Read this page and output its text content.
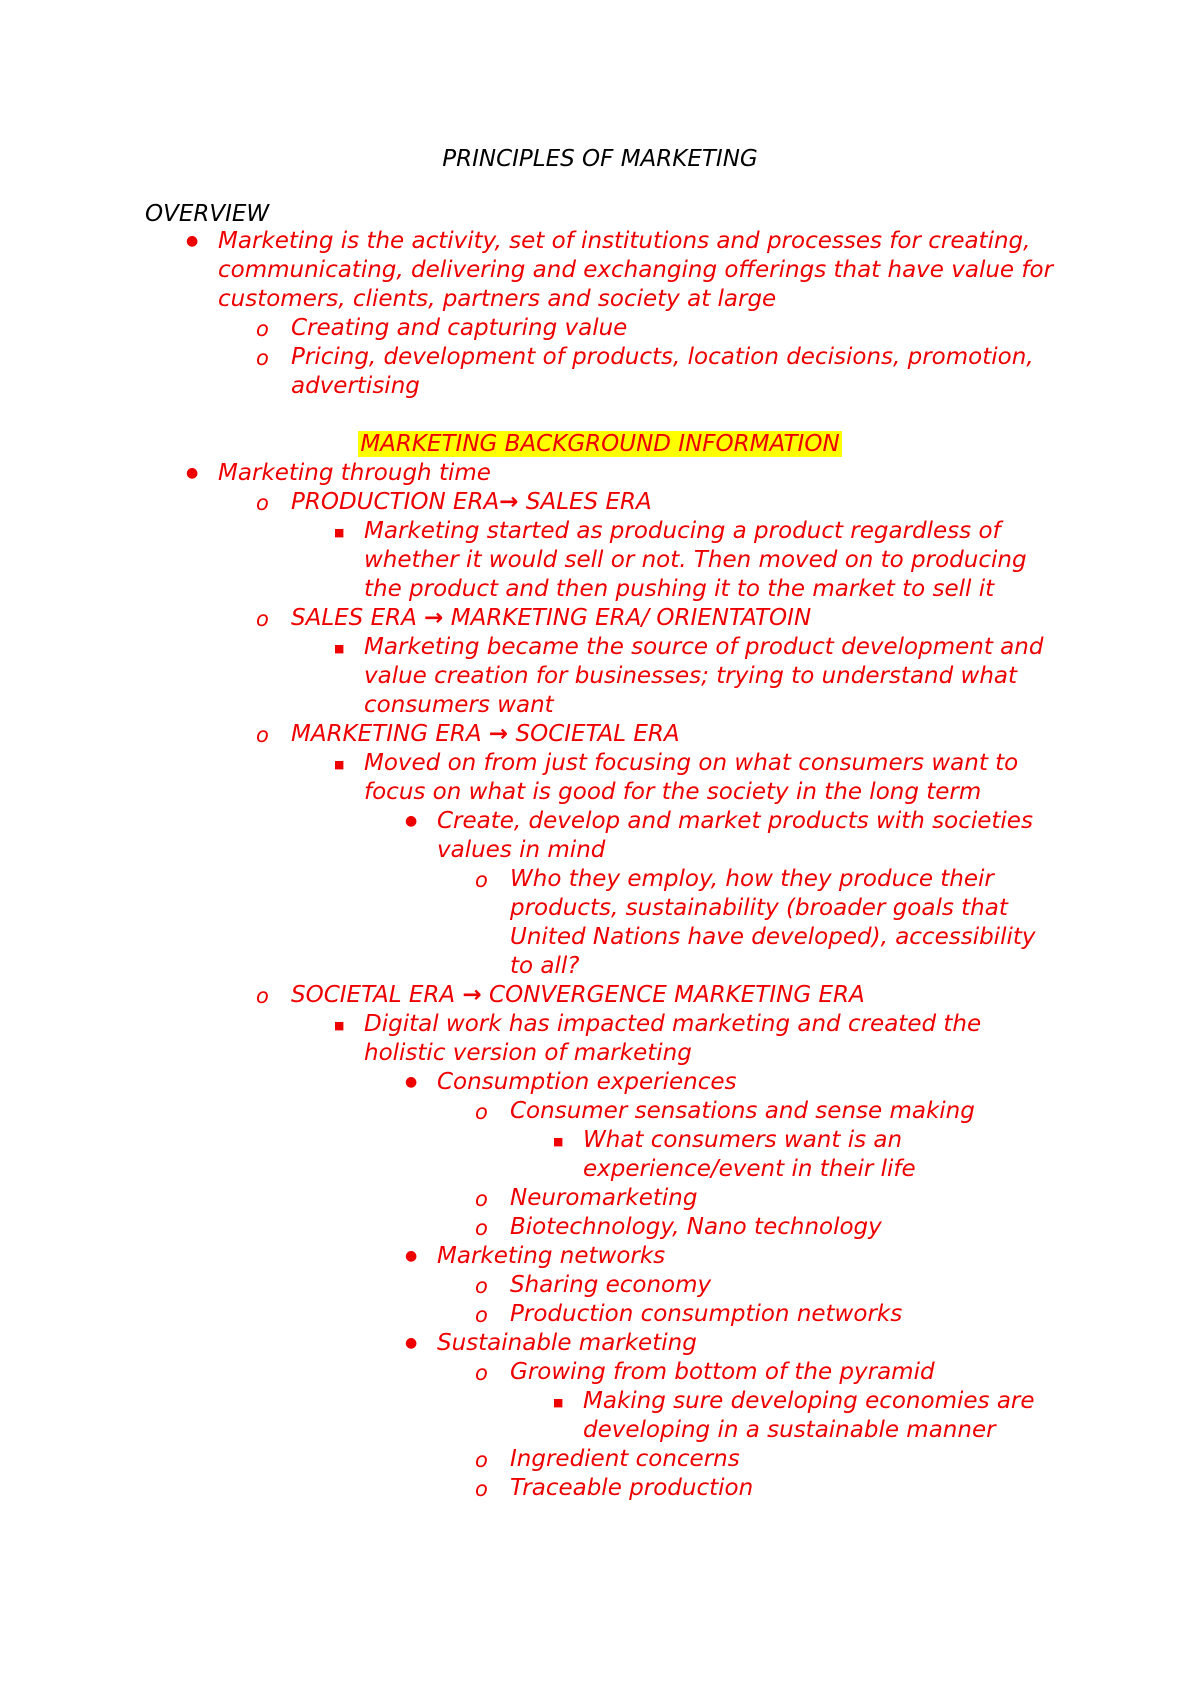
PRINCIPLES OF MARKETING
OVERVIEW
● Marketing is the activity, set of institutions and processes for creating, communicating, delivering and exchanging offerings that have value for customers, clients, partners and society at large
o Creating and capturing value
o Pricing, development of products, location decisions, promotion, advertising
MARKETING BACKGROUND INFORMATION
● Marketing through time
o PRODUCTION ERA→ SALES ERA
■ Marketing started as producing a product regardless of whether it would sell or not. Then moved on to producing the product and then pushing it to the market to sell it
o SALES ERA → MARKETING ERA/ ORIENTATOIN
■ Marketing became the source of product development and value creation for businesses; trying to understand what consumers want
o MARKETING ERA → SOCIETAL ERA
■ Moved on from just focusing on what consumers want to focus on what is good for the society in the long term
● Create, develop and market products with societies values in mind
o Who they employ, how they produce their products, sustainability (broader goals that United Nations have developed), accessibility to all?
o SOCIETAL ERA → CONVERGENCE MARKETING ERA
■ Digital work has impacted marketing and created the holistic version of marketing
● Consumption experiences
o Consumer sensations and sense making
■ What consumers want is an experience/event in their life
o Neuromarketing
o Biotechnology, Nano technology
● Marketing networks
o Sharing economy
o Production consumption networks
● Sustainable marketing
o Growing from bottom of the pyramid
■ Making sure developing economies are developing in a sustainable manner
o Ingredient concerns
o Traceable production
